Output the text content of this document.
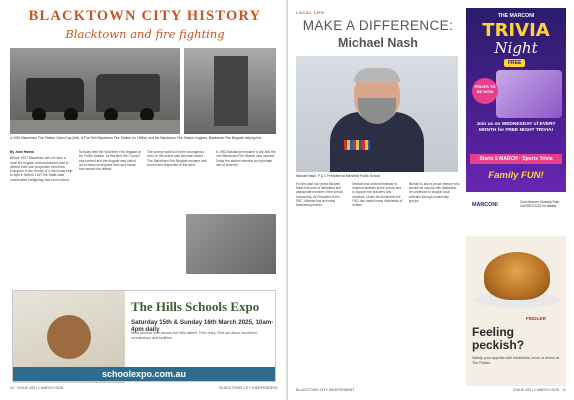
BLACKTOWN CITY HISTORY
Blacktown and fire fighting
A 1951 Blacktown Fire Station Open Day (left). A Fire Drill Blacktown Fire Station (in 1960s) and the Blacktown Fire Station engines. Blacktown Fire Brigade helping the ...
By John Hanna

Before 1927 Blacktown did not have a local fire brigade and landowners had to defend their own properties from fires. Everyone in the vicinity of a fire would help to fight it. Before 1927 the State-wide coordinated firefighting was not involved.

Tuesday with the Volunteer Fire Brigade at the Police Station. At this time the Council was formed and the brigade was called out to many local grass fires and house fires across the district.

The prompt action of three courageous men on the scene saw the town saved. The Blacktown Fire Brigade became well known and respected in the area.

In 1962 Blacktown became a city and the new Blacktown Fire Station was opened. Today the station remains an important part of local life.

The Hills Schools Expo
Saturday 15th & Sunday 16th March 2025, 10am-4pm daily
Meet schools from across the Hills district. Free entry. Find out about enrolment, scholarships and facilities.
schoolexpo.com.au
10 · ISSUE 443 | 1 MARCH 2025	BLACKTOWN CITY INDEPENDENT
LOCAL LIFE
MAKE A DIFFERENCE:
Michael Nash
Michael Nash. P & C President at Marsfield Public School.

For the past four years Michael Nash has been a dedicated and passionate member of the school community. As President of the P&C, Michael has led many fundraising events.

Michael has worked tirelessly to improve facilities at the school and to support the teachers and students. Under his leadership the P&C has raised many thousands of dollars.

Michael is also a proud veteran who served his country with distinction. He continues to support local veterans through community groups.

THE MARCONI
TRIVIA
Night
FREE
PRIZES TO BE WON
Join us on WEDNESDAY of EVERY MONTH for FREE NIGHT TRIVIA!
Starts 5 MARCH · Sports Trivia
Family FUN!
MARCONI	Club Marconi, Bossley Park. Call 9823 2222 for details.
FIDDLER
Feeling peckish?
Satisfy your appetite with breakfasts, lunch or dinner at The Fiddler.
BLACKTOWN CITY INDEPENDENT	ISSUE 443 | 1 MARCH 2025 · 11
